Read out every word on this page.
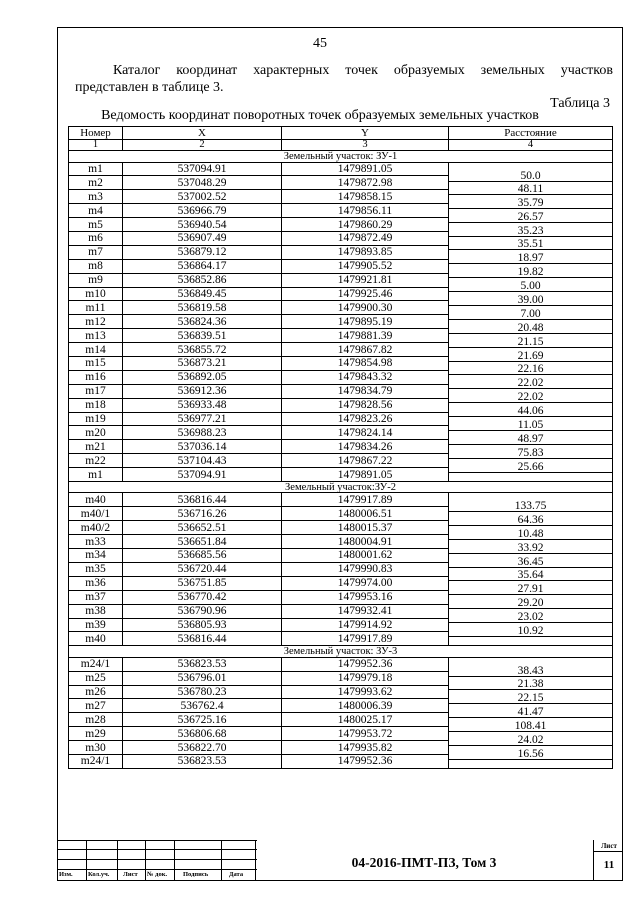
45

Каталог координат характерных точек образуемых земельных участков представлен в таблице 3.

Таблица 3
Ведомость координат поворотных точек образуемых земельных участков
Номер	X	Y	Расстояние
1	2	3	4
Земельный участок: ЗУ-1			
m1	537094.91	1479891.05	50.0

m2	537048.29	1479872.98	48.11

m3	537002.52	1479858.15	35.79

m4	536966.79	1479856.11	26.57

m5	536940.54	1479860.29	35.23

m6	536907.49	1479872.49	35.51

m7	536879.12	1479893.85	18.97

m8	536864.17	1479905.52	19.82

m9	536852.86	1479921.81	5.00

m10	536849.45	1479925.46	39.00

m11	536819.58	1479900.30	7.00

m12	536824.36	1479895.19	20.48

m13	536839.51	1479881.39	21.15

m14	536855.72	1479867.82	21.69

m15	536873.21	1479854.98	22.16

m16	536892.05	1479843.32	22.02

m17	536912.36	1479834.79	22.02

m18	536933.48	1479828.56	44.06

m19	536977.21	1479823.26	11.05

m20	536988.23	1479824.14	48.97

m21	537036.14	1479834.26	75.83

m22	537104.43	1479867.22	25.66

m1	537094.91	1479891.05	
Земельный участок:ЗУ-2			
m40	536816.44	1479917.89	133.75

m40/1	536716.26	1480006.51	64.36

m40/2	536652.51	1480015.37	10.48

m33	536651.84	1480004.91	33.92

m34	536685.56	1480001.62	36.45

m35	536720.44	1479990.83	35.64

m36	536751.85	1479974.00	27.91

m37	536770.42	1479953.16	29.20

m38	536790.96	1479932.41	23.02

m39	536805.93	1479914.92	10.92

m40	536816.44	1479917.89	
Земельный участок: ЗУ-3			
m24/1	536823.53	1479952.36	38.43

m25	536796.01	1479979.18	21.38

m26	536780.23	1479993.62	22.15

m27	536762.4	1480006.39	41.47

m28	536725.16	1480025.17	108.41

m29	536806.68	1479953.72	24.02

m30	536822.70	1479935.82	16.56

m24/1	536823.53	1479952.36	
Изм. Кол.уч. Лист № док. Подпись	Дата
04-2016-ПМТ-ПЗ, Том 3
Лист
11
